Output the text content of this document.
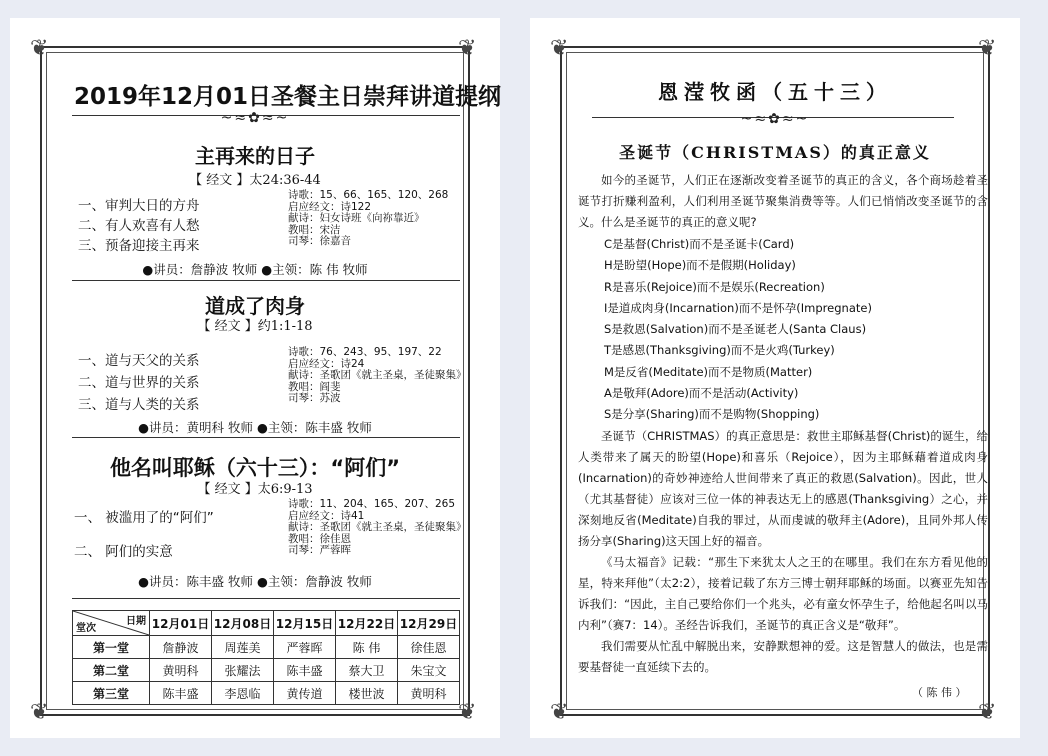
❦	❦
❦	❦
2019年12月01日圣餐主日崇拜讲道提纲
~≈✿≈~
主再来的日子
【 经文 】太24:36-44
一、审判大日的方舟
二、有人欢喜有人愁
三、预备迎接主再来
诗歌：15、66、165、120、268
启应经文：诗122
献诗：妇女诗班《向祢靠近》
教唱：宋洁
司琴：徐嘉音
●讲员：詹静波 牧师 ●主领：陈 伟 牧师
道成了肉身
【 经文 】约1:1-18
一、道与天父的关系
二、道与世界的关系
三、道与人类的关系
诗歌：76、243、95、197、22
启应经文：诗24
献诗：圣歌团《就主圣桌，圣徒聚集》
教唱：阎斐
司琴：苏波
●讲员：黄明科 牧师 ●主领：陈丰盛 牧师
他名叫耶稣（六十三）：“阿们”
【 经文 】太6:9-13
一、 被滥用了的“阿们”
二、 阿们的实意
诗歌：11、204、165、207、265
启应经文：诗41
献诗：圣歌团《就主圣桌，圣徒聚集》
教唱：徐佳恩
司琴：严蓉晖
●讲员：陈丰盛 牧师 ●主领：詹静波 牧师
日期
堂次	12月01日	12月08日	12月15日	12月22日	12月29日
第一堂	詹静波	周莲美	严蓉晖	陈 伟	徐佳恩
第二堂	黄明科	张耀法	陈丰盛	蔡大卫	朱宝文
第三堂	陈丰盛	李恩临	黄传道	楼世波	黄明科
❦	❦
❦	❦
恩滢牧函（五十三）
~≈✿≈~
圣诞节（CHRISTMAS）的真正意义

如今的圣诞节，人们正在逐渐改变着圣诞节的真正的含义，各个商场趁着圣诞节打折赚利盈利，人们利用圣诞节聚集消费等等。人们已悄悄改变圣诞节的含义。什么是圣诞节的真正的意义呢?

C是基督(Christ)而不是圣诞卡(Card)
H是盼望(Hope)而不是假期(Holiday)
R是喜乐(Rejoice)而不是娱乐(Recreation)
I是道成肉身(Incarnation)而不是怀孕(Impregnate)
S是救恩(Salvation)而不是圣诞老人(Santa Claus)
T是感恩(Thanksgiving)而不是火鸡(Turkey)
M是反省(Meditate)而不是物质(Matter)
A是敬拜(Adore)而不是活动(Activity)
S是分享(Sharing)而不是购物(Shopping)

圣诞节（CHRISTMAS）的真正意思是：救世主耶稣基督(Christ)的诞生，给人类带来了属天的盼望(Hope)和喜乐（Rejoice），因为主耶稣藉着道成肉身(Incarnation)的奇妙神迹给人世间带来了真正的救恩(Salvation)。因此，世人（尤其基督徒）应该对三位一体的神表达无上的感恩(Thanksgiving）之心，并深刻地反省(Meditate)自我的罪过，从而虔诚的敬拜主(Adore)，且同外邦人传扬分享(Sharing)这天国上好的福音。

《马太福音》记载：“那生下来犹太人之王的在哪里。我们在东方看见他的星，特来拜他”（太2:2），接着记载了东方三博士朝拜耶稣的场面。以赛亚先知告诉我们：“因此，主自己要给你们一个兆头，必有童女怀孕生子，给他起名叫以马内利”（赛7：14）。圣经告诉我们，圣诞节的真正含义是“敬拜”。

我们需要从忙乱中解脱出来，安静默想神的爱。这是智慧人的做法，也是需要基督徒一直延续下去的。

（ 陈 伟 ）
